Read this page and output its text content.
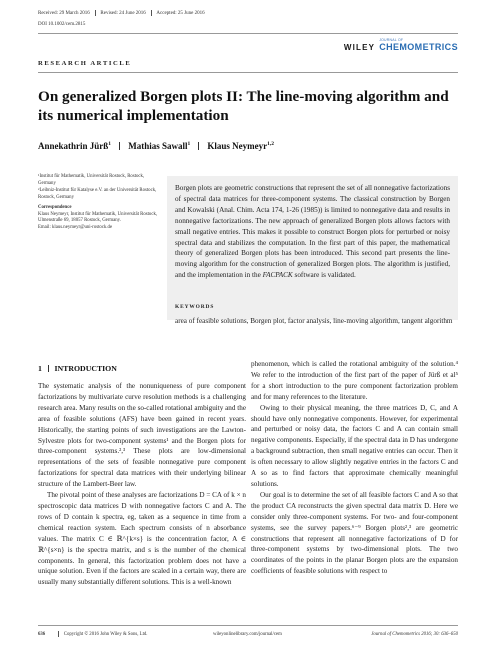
Received: 29 March 2016 Revised: 24 June 2016 Accepted: 25 June 2016
DOI 10.1002/cem.2815
WILEY
JOURNAL OF
CHEMOMETRICS
RESEARCH ARTICLE
On generalized Borgen plots II: The line-moving algorithm and its numerical implementation
Annekathrin Jürß$^1$ Mathias Sawall$^1$ Klaus Neymeyr$^{1,2}$
¹Institut für Mathematik, Universität Rostock, Rostock, Germany
²Leibniz-Institut für Katalyse e.V. an der Universität Rostock, Rostock, Germany
Correspondence
Klaus Neymeyr, Institut für Mathematik, Universität Rostock, Ulmenstraße 69, 18057 Rostock, Germany.
Email: klaus.neymeyr@uni-rostock.de
Borgen plots are geometric constructions that represent the set of all nonnegative factorizations of spectral data matrices for three-component systems. The classical construction by Borgen and Kowalski (Anal. Chim. Acta 174, 1-26 (1985)) is limited to nonnegative data and results in nonnegative factorizations. The new approach of generalized Borgen plots allows factors with small negative entries. This makes it possible to construct Borgen plots for perturbed or noisy spectral data and stabilizes the computation. In the first part of this paper, the mathematical theory of generalized Borgen plots has been introduced. This second part presents the line-moving algorithm for the construction of generalized Borgen plots. The algorithm is justified, and the implementation in the FACPACK software is validated.
KEYWORDS
area of feasible solutions, Borgen plot, factor analysis, line-moving algorithm, tangent algorithm
1 INTRODUCTION

The systematic analysis of the nonuniqueness of pure component factorizations by multivariate curve resolution methods is a challenging research area. Many results on the so-called rotational ambiguity and the area of feasible solutions (AFS) have been gained in recent years. Historically, the starting points of such investigations are the Lawton-Sylvestre plots for two-component systems¹ and the Borgen plots for three-component systems.²,³ These plots are low-dimensional representations of the sets of feasible nonnegative pure component factorizations for spectral data matrices with their underlying bilinear structure of the Lambert-Beer law.

The pivotal point of these analyses are factorizations D = CA of k × n spectroscopic data matrices D with nonnegative factors C and A. The rows of D contain k spectra, eg, taken as a sequence in time from a chemical reaction system. Each spectrum consists of n absorbance values. The matrix C ∈ ℝ^{k×s} is the concentration factor, A ∈ ℝ^{s×n} is the spectra matrix, and s is the number of the chemical components. In general, this factorization problem does not have a unique solution. Even if the factors are scaled in a certain way, there are usually many substantially different solutions. This is a well-known

phenomenon, which is called the rotational ambiguity of the solution.⁴ We refer to the introduction of the first part of the paper of Jürß et al⁵ for a short introduction to the pure component factorization problem and for many references to the literature.

Owing to their physical meaning, the three matrices D, C, and A should have only nonnegative components. However, for experimental and perturbed or noisy data, the factors C and A can contain small negative components. Especially, if the spectral data in D has undergone a background subtraction, then small negative entries can occur. Then it is often necessary to allow slightly negative entries in the factors C and A so as to find factors that approximate chemically meaningful solutions.

Our goal is to determine the set of all feasible factors C and A so that the product CA reconstructs the given spectral data matrix D. Here we consider only three-component systems. For two- and four-component systems, see the survey papers.⁶⁻⁹ Borgen plots²,³ are geometric constructions that represent all nonnegative factorizations of D for three-component systems by two-dimensional plots. The two coordinates of the points in the planar Borgen plots are the expansion coefficients of feasible solutions with respect to

636	Copyright © 2016 John Wiley & Sons, Ltd.	wileyonlinelibrary.com/journal/cem	Journal of Chemometrics 2016; 30: 636–650
